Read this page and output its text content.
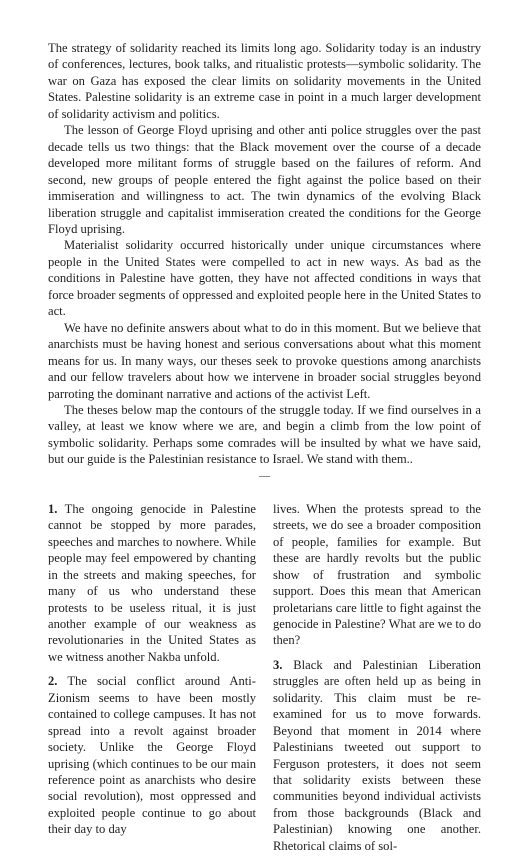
The strategy of solidarity reached its limits long ago. Solidarity today is an industry of conferences, lectures, book talks, and ritualistic protests—symbolic solidarity. The war on Gaza has exposed the clear limits on solidarity movements in the United States. Palestine solidarity is an extreme case in point in a much larger development of solidarity activism and politics.

The lesson of George Floyd uprising and other anti police struggles over the past decade tells us two things: that the Black movement over the course of a decade developed more militant forms of struggle based on the failures of reform. And second, new groups of people entered the fight against the police based on their immiseration and willingness to act. The twin dynamics of the evolving Black liberation struggle and capitalist immiseration created the conditions for the George Floyd uprising.

Materialist solidarity occurred historically under unique circumstances where people in the United States were compelled to act in new ways. As bad as the conditions in Palestine have gotten, they have not affected conditions in ways that force broader segments of oppressed and exploited people here in the United States to act.

We have no definite answers about what to do in this moment. But we believe that anarchists must be having honest and serious conversations about what this moment means for us. In many ways, our theses seek to provoke questions among anarchists and our fellow travelers about how we intervene in broader social struggles beyond parroting the dominant narrative and actions of the activist Left.

The theses below map the contours of the struggle today. If we find ourselves in a valley, at least we know where we are, and begin a climb from the low point of symbolic solidarity. Perhaps some comrades will be insulted by what we have said, but our guide is the Palestinian resistance to Israel. We stand with them..

—

1. The ongoing genocide in Palestine cannot be stopped by more parades, speeches and marches to nowhere. While people may feel empowered by chanting in the streets and making speeches, for many of us who understand these protests to be useless ritual, it is just another example of our weakness as revolutionaries in the United States as we witness another Nakba unfold.

2. The social conflict around Anti-Zionism seems to have been mostly contained to college campuses. It has not spread into a revolt against broader society. Unlike the George Floyd uprising (which continues to be our main reference point as anarchists who desire social revolution), most oppressed and exploited people continue to go about their day to day

lives. When the protests spread to the streets, we do see a broader composition of people, families for example. But these are hardly revolts but the public show of frustration and symbolic support. Does this mean that American proletarians care little to fight against the genocide in Palestine? What are we to do then?

3. Black and Palestinian Liberation struggles are often held up as being in solidarity. This claim must be re-examined for us to move forwards. Beyond that moment in 2014 where Palestinians tweeted out support to Ferguson protesters, it does not seem that solidarity exists between these communities beyond individual activists from those backgrounds (Black and Palestinian) knowing one another. Rhetorical claims of sol-
